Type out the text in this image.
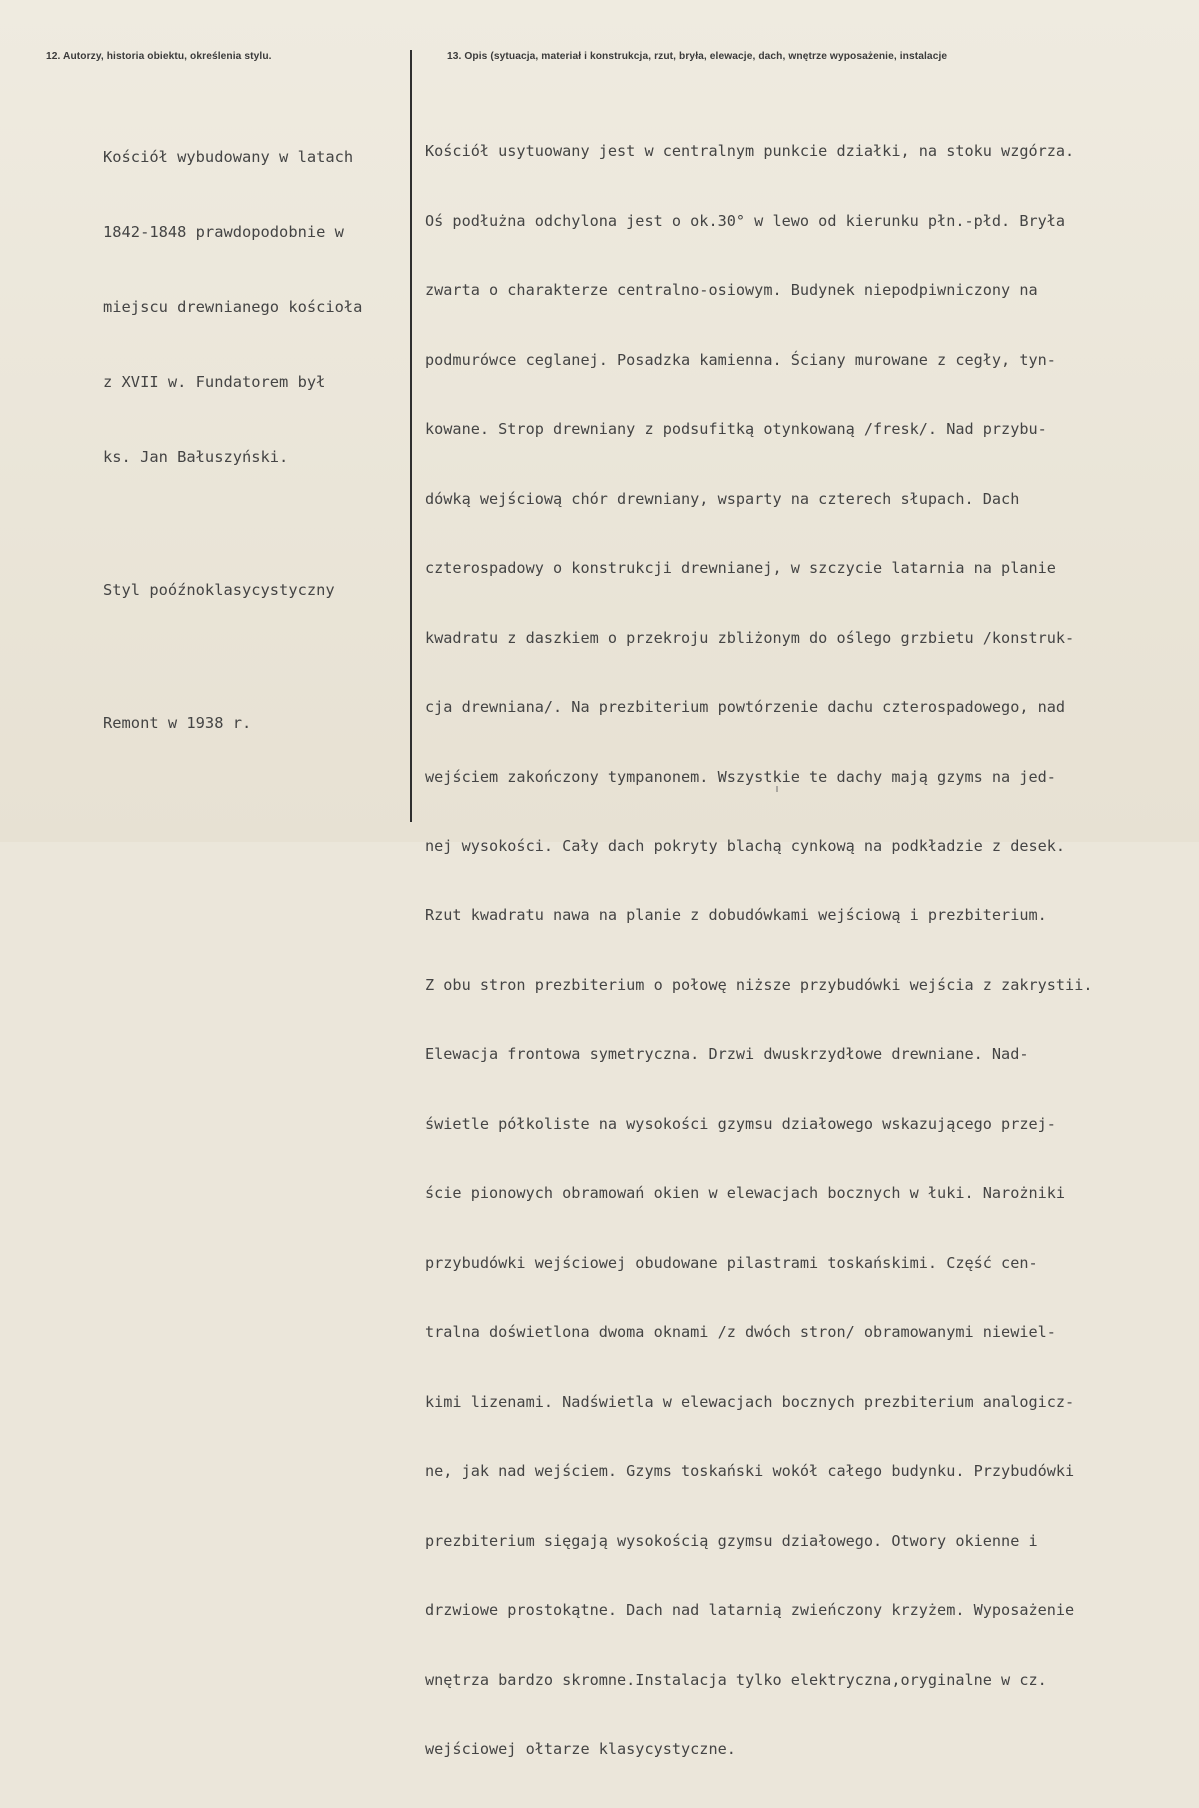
12. Autorzy, historia obiektu, określenia stylu.	13. Opis (sytuacja, materiał i konstrukcja, rzut, bryła, elewacje, dach, wnętrze wyposażenie, instalacje

Kościół wybudowany w latach

1842-1848 prawdopodobnie w

miejscu drewnianego kościoła

z XVII w. Fundatorem był

ks. Jan Bałuszyński.

Styl poóźnoklasycystyczny

Remont w 1938 r.

Kościół usytuowany jest w centralnym punkcie działki, na stoku wzgórza.

Oś podłużna odchylona jest o ok.30° w lewo od kierunku płn.-płd. Bryła

zwarta o charakterze centralno-osiowym. Budynek niepodpiwniczony na

podmurówce ceglanej. Posadzka kamienna. Ściany murowane z cegły, tyn-

kowane. Strop drewniany z podsufitką otynkowaną /fresk/. Nad przybu-

dówką wejściową chór drewniany, wsparty na czterech słupach. Dach

czterospadowy o konstrukcji drewnianej, w szczycie latarnia na planie

kwadratu z daszkiem o przekroju zbliżonym do oślego grzbietu /konstruk-

cja drewniana/. Na prezbiterium powtórzenie dachu czterospadowego, nad

wejściem zakończony tympanonem. Wszystkie te dachy mają gzyms na jed-

nej wysokości. Cały dach pokryty blachą cynkową na podkładzie z desek.

Rzut kwadratu nawa na planie z dobudówkami wejściową i prezbiterium.

Z obu stron prezbiterium o połowę niższe przybudówki wejścia z zakrystii.

Elewacja frontowa symetryczna. Drzwi dwuskrzydłowe drewniane. Nad-

świetle półkoliste na wysokości gzymsu działowego wskazującego przej-

ście pionowych obramowań okien w elewacjach bocznych w łuki. Narożniki

przybudówki wejściowej obudowane pilastrami toskańskimi. Część cen-

tralna doświetlona dwoma oknami /z dwóch stron/ obramowanymi niewiel-

kimi lizenami. Nadświetla w elewacjach bocznych prezbiterium analogicz-

ne, jak nad wejściem. Gzyms toskański wokół całego budynku. Przybudówki

prezbiterium sięgają wysokością gzymsu działowego. Otwory okienne i

drzwiowe prostokątne. Dach nad latarnią zwieńczony krzyżem. Wyposażenie

wnętrza bardzo skromne.Instalacja tylko elektryczna,oryginalne w cz.

wejściowej ołtarze klasycystyczne.
